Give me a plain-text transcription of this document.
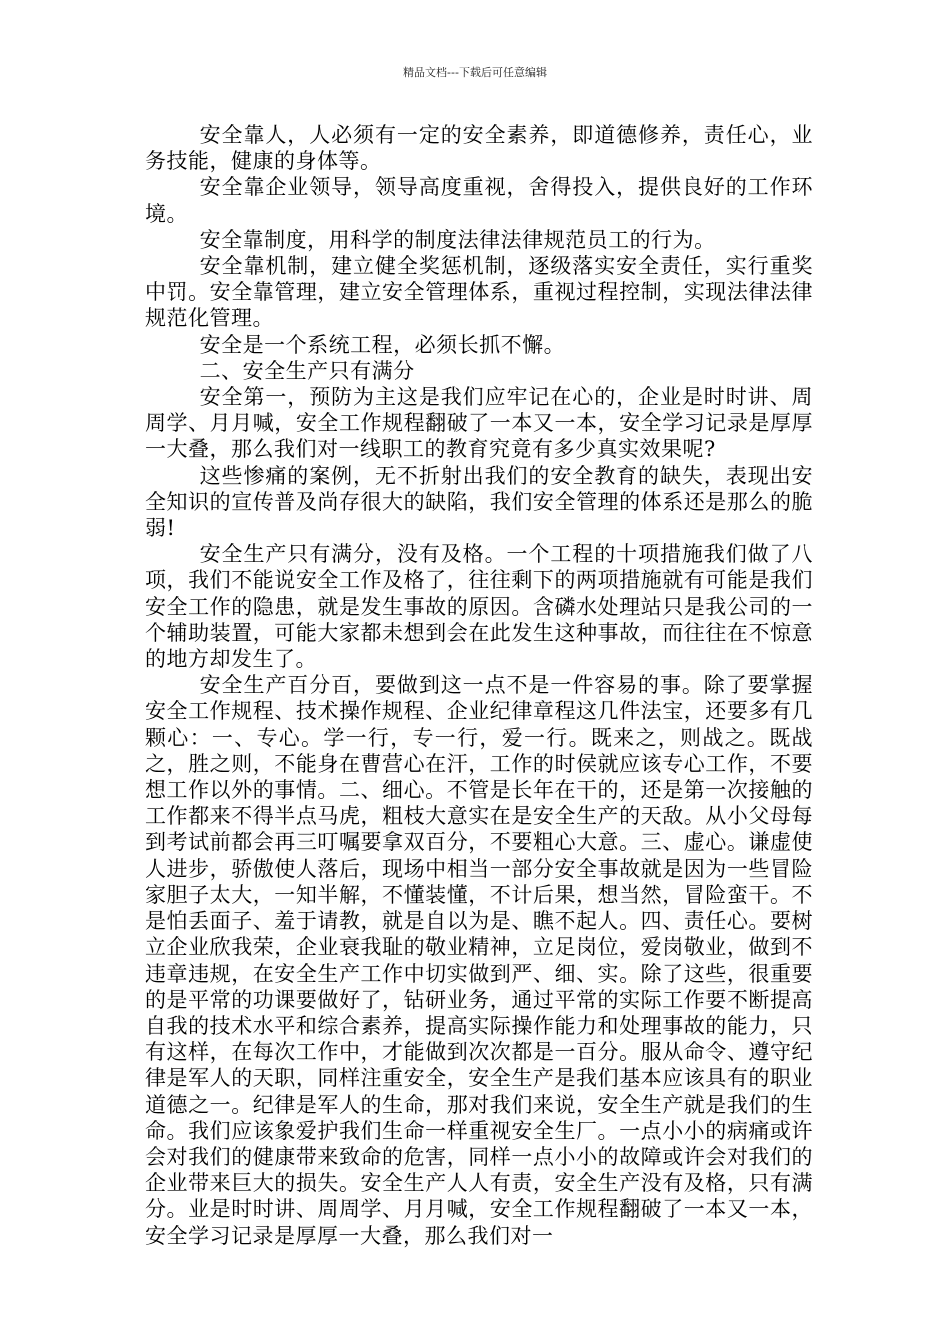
精品文档---下载后可任意编辑

安全靠人，人必须有一定的安全素养，即道德修养，责任心，业务技能，健康的身体等。

安全靠企业领导，领导高度重视，舍得投入，提供良好的工作环境。

安全靠制度，用科学的制度法律法律规范员工的行为。

安全靠机制，建立健全奖惩机制，逐级落实安全责任，实行重奖中罚。安全靠管理，建立安全管理体系，重视过程控制，实现法律法律规范化管理。

安全是一个系统工程，必须长抓不懈。

二、安全生产只有满分

安全第一，预防为主这是我们应牢记在心的，企业是时时讲、周周学、月月喊，安全工作规程翻破了一本又一本，安全学习记录是厚厚一大叠，那么我们对一线职工的教育究竟有多少真实效果呢?

这些惨痛的案例，无不折射出我们的安全教育的缺失，表现出安全知识的宣传普及尚存很大的缺陷，我们安全管理的体系还是那么的脆弱!

安全生产只有满分，没有及格。一个工程的十项措施我们做了八项，我们不能说安全工作及格了，往往剩下的两项措施就有可能是我们安全工作的隐患，就是发生事故的原因。含磷水处理站只是我公司的一个辅助装置，可能大家都未想到会在此发生这种事故，而往往在不惊意的地方却发生了。

安全生产百分百，要做到这一点不是一件容易的事。除了要掌握安全工作规程、技术操作规程、企业纪律章程这几件法宝，还要多有几颗心：一、专心。学一行，专一行，爱一行。既来之，则战之。既战之，胜之则，不能身在曹营心在汗，工作的时侯就应该专心工作，不要想工作以外的事情。二、细心。不管是长年在干的，还是第一次接触的工作都来不得半点马虎，粗枝大意实在是安全生产的天敌。从小父母每到考试前都会再三叮嘱要拿双百分，不要粗心大意。三、虚心。谦虚使人进步，骄傲使人落后，现场中相当一部分安全事故就是因为一些冒险家胆子太大，一知半解，不懂装懂，不计后果，想当然，冒险蛮干。不是怕丢面子、羞于请教，就是自以为是、瞧不起人。四、责任心。要树立企业欣我荣，企业衰我耻的敬业精神，立足岗位，爱岗敬业，做到不违章违规，在安全生产工作中切实做到严、细、实。除了这些，很重要的是平常的功课要做好了，钻研业务，通过平常的实际工作要不断提高自我的技术水平和综合素养，提高实际操作能力和处理事故的能力，只有这样，在每次工作中，才能做到次次都是一百分。服从命令、遵守纪律是军人的天职，同样注重安全，安全生产是我们基本应该具有的职业道德之一。纪律是军人的生命，那对我们来说，安全生产就是我们的生命。我们应该象爱护我们生命一样重视安全生厂。一点小小的病痛或许会对我们的健康带来致命的危害，同样一点小小的故障或许会对我们的企业带来巨大的损失。安全生产人人有责，安全生产没有及格，只有满分。业是时时讲、周周学、月月喊，安全工作规程翻破了一本又一本，安全学习记录是厚厚一大叠，那么我们对一
